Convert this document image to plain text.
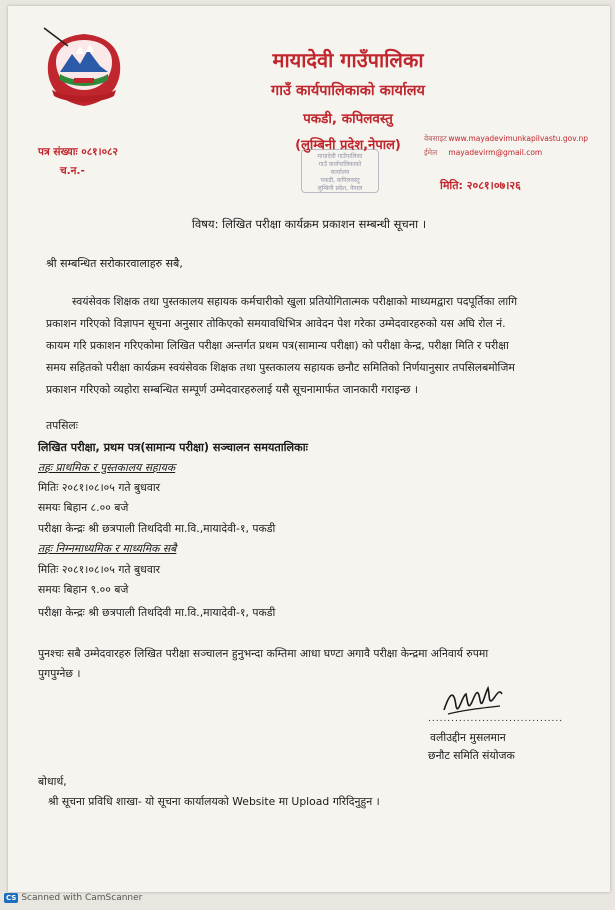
मायादेवी गाउँपालिका
गाउँ कार्यपालिकाको कार्यालय
पकडी, कपिलवस्तु
(लुम्बिनी प्रदेश,नेपाल)
पत्र संख्याः ०८१।०८२
च.न.-
वेबसाइट www.mayadevimunkapilvastu.gov.np
ईमेल mayadevirm@gmail.com
मिति: २०८१।०७।२६
मायादेवी गाउँपालिका
गाउँ कार्यपालिकाको
कार्यालय
पकडी, कपिलवस्तु
लुम्बिनी प्रदेश, नेपाल
विषय: लिखित परीक्षा कार्यक्रम प्रकाशन सम्बन्धी सूचना ।
श्री सम्बन्धित सरोकारवालाहरु सबै,
स्वयंसेवक शिक्षक तथा पुस्तकालय सहायक कर्मचारीको खुला प्रतियोगितात्मक परीक्षाको माध्यमद्वारा पदपूर्तिका लागि
प्रकाशन गरिएको विज्ञापन सूचना अनुसार तोकिएको समयावधिभित्र आवेदन पेश गरेका उम्मेदवारहरुको यस अघि रोल नं.
कायम गरि प्रकाशन गरिएकोमा लिखित परीक्षा अन्तर्गत प्रथम पत्र(सामान्य परीक्षा) को परीक्षा केन्द्र, परीक्षा मिति र परीक्षा
समय सहितको परीक्षा कार्यक्रम स्वयंसेवक शिक्षक तथा पुस्तकालय सहायक छनौट समितिको निर्णयानुसार तपसिलबमोजिम
प्रकाशन गरिएको व्यहोरा सम्बन्धित सम्पूर्ण उम्मेदवारहरुलाई यसै सूचनामार्फत जानकारी गराइन्छ ।
तपसिलः
लिखित परीक्षा, प्रथम पत्र(सामान्य परीक्षा) सञ्चालन समयतालिकाः
तहः प्राथमिक र पुस्तकालय सहायक
मितिः २०८१।०८।०५ गते बुधवार
समयः बिहान ८.०० बजे
परीक्षा केन्द्रः श्री छत्रपाली तिथदिवी मा.वि.,मायादेवी-१, पकडी
तहः निम्नमाध्यमिक र माध्यमिक सबै
मितिः २०८१।०८।०५ गते बुधवार
समयः बिहान ९.०० बजे
परीक्षा केन्द्रः श्री छत्रपाली तिथदिवी मा.वि.,मायादेवी-१, पकडी
पुनश्चः सबै उम्मेदवारहरु लिखित परीक्षा सञ्चालन हुनुभन्दा कम्तिमा आधा घण्टा अगावै परीक्षा केन्द्रमा अनिवार्य रुपमा
पुगपुग्नेछ ।
...................................
वलीउद्दीन मुसलमान
छनौट समिति संयोजक
बोधार्थ,
श्री सूचना प्रविधि शाखा- यो सूचना कार्यालयको Website मा Upload गरिदिनुहुन ।
CS Scanned with CamScanner
